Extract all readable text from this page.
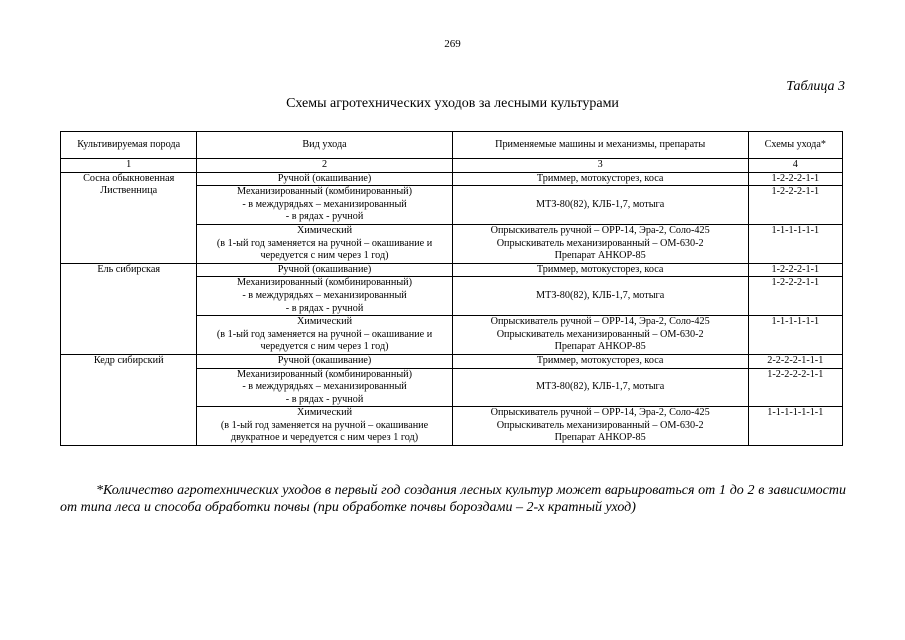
269
Таблица 3
Схемы агротехнических уходов за лесными культурами
Культивируемая порода	Вид ухода	Применяемые машины и механизмы, препараты	Схемы ухода*
1	2	3	4

Сосна обыкновенная
Лиственница	Ручной (окашивание)	Триммер, мотокусторез, коса	1-2-2-2-1-1

	Механизированный (комбинированный)
- в междурядьях – механизированный
- в рядах - ручной	МТЗ-80(82), КЛБ-1,7, мотыга	1-2-2-2-1-1

	Химический
(в 1-ый год заменяется на ручной – окашивание и
чередуется с ним через 1 год)	Опрыскиватель ручной – ОРР-14, Эра-2, Соло-425
Опрыскиватель механизированный – ОМ-630-2
Препарат АНКОР-85	1-1-1-1-1-1

Ель сибирская	Ручной (окашивание)	Триммер, мотокусторез, коса	1-2-2-2-1-1

	Механизированный (комбинированный)
- в междурядьях – механизированный
- в рядах - ручной	МТЗ-80(82), КЛБ-1,7, мотыга	1-2-2-2-1-1

	Химический
(в 1-ый год заменяется на ручной – окашивание и
чередуется с ним через 1 год)	Опрыскиватель ручной – ОРР-14, Эра-2, Соло-425
Опрыскиватель механизированный – ОМ-630-2
Препарат АНКОР-85	1-1-1-1-1-1

Кедр сибирский	Ручной (окашивание)	Триммер, мотокусторез, коса	2-2-2-2-1-1-1

	Механизированный (комбинированный)
- в междурядьях – механизированный
- в рядах - ручной	МТЗ-80(82), КЛБ-1,7, мотыга	1-2-2-2-2-1-1

	Химический
(в 1-ый год заменяется на ручной – окашивание
двукратное и чередуется с ним через 1 год)	Опрыскиватель ручной – ОРР-14, Эра-2, Соло-425
Опрыскиватель механизированный – ОМ-630-2
Препарат АНКОР-85	1-1-1-1-1-1-1
*Количество агротехнических уходов в первый год создания лесных культур может варьироваться от 1 до 2 в зависимости от типа леса и способа обработки почвы (при обработке почвы бороздами – 2-х кратный уход)
